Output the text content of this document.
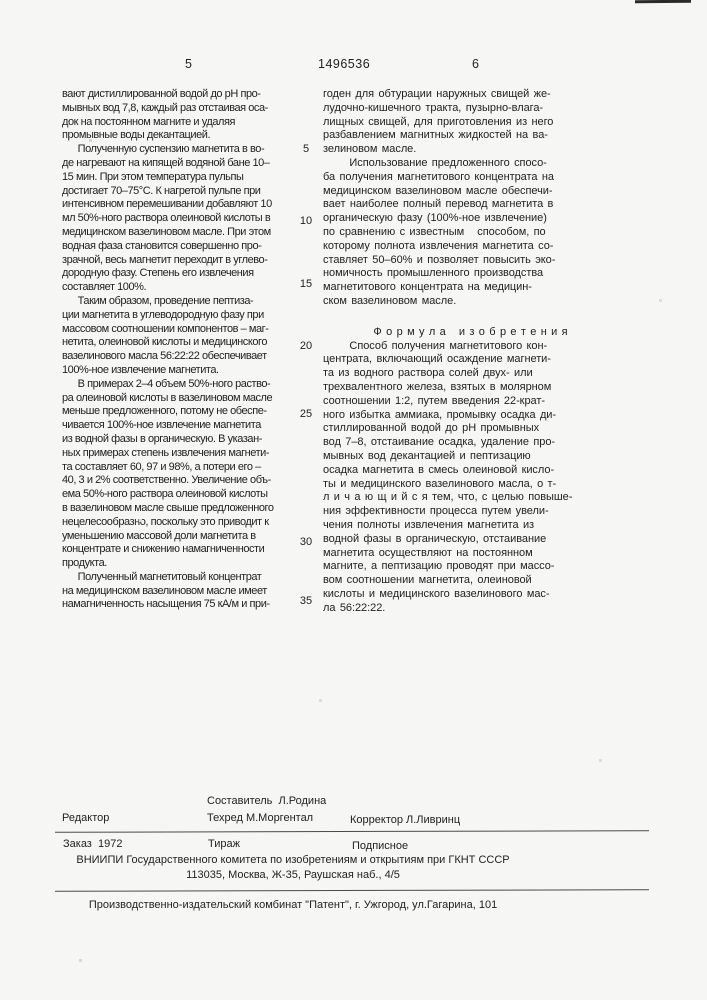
5	1496536	6
5
10
15
20
25
30
35
вают дистиллированной водой до рН про-
мывных вод 7,8, каждый раз отстаивая оса-
док на постоянном магните и удаляя
промывные воды декантацией.
Полученную суспензию магнетита в во-
де нагревают на кипящей водяной бане 10–
15 мин. При этом температура пульпы
достигает 70–75°С. К нагретой пульпе при
интенсивном перемешивании добавляют 10
мл 50%-ного раствора олеиновой кислоты в
медицинском вазелиновом масле. При этом
водная фаза становится совершенно про-
зрачной, весь магнетит переходит в углево-
дородную фазу. Степень его извлечения
составляет 100%.
Таким образом, проведение пептиза-
ции магнетита в углеводородную фазу при
массовом соотношении компонентов – маг-
нетита, олеиновой кислоты и медицинского
вазелинового масла 56:22:22 обеспечивает
100%-ное извлечение магнетита.
В примерах 2–4 объем 50%-ного раство-
ра олеиновой кислоты в вазелиновом масле
меньше предложенного, потому не обеспе-
чивается 100%-ное извлечение магнетита
из водной фазы в органическую. В указан-
ных примерах степень извлечения магнети-
та составляет 60, 97 и 98%, а потери его –
40, 3 и 2% соответственно. Увеличение объ-
ема 50%-ного раствора олеиновой кислоты
в вазелиновом масле свыше предложенного
нецелесообразно, поскольку это приводит к
уменьшению массовой доли магнетита в
концентрате и снижению намагниченности
продукта.
Полученный магнетитовый концентрат
на медицинском вазелиновом масле имеет
намагниченность насыщения 75 кА/м и при-
годен для обтурации наружных свищей же-
лудочно-кишечного тракта, пузырно-влага-
лищных свищей, для приготовления из него
разбавлением магнитных жидкостей на ва-
зелиновом масле.
Использование предложенного спосо-
ба получения магнетитового концентрата на
медицинском вазелиновом масле обеспечи-
вает наиболее полный перевод магнетита в
органическую фазу (100%-ное извлечение)
по сравнению с известным   способом, по
которому полнота извлечения магнетита со-
ставляет 50–60% и позволяет повысить эко-
номичность промышленного производства
магнетитового концентрата на медицин-
ском вазелиновом масле.
Ф о р м у л а   и з о б р е т е н и я
Способ получения магнетитового кон-
центрата, включающий осаждение магнети-
та из водного раствора солей двух- или
трехвалентного железа, взятых в молярном
соотношении 1:2, путем введения 22-крат-
ного избытка аммиака, промывку осадка ди-
стиллированной водой до рН промывных
вод 7–8, отстаивание осадка, удаление про-
мывных вод декантацией и пептизацию
осадка магнетита в смесь олеиновой кисло-
ты и медицинского вазелинового масла, о т-
л и ч а ю щ и й с я тем, что, с целью повыше-
ния эффективности процесса путем увели-
чения полноты извлечения магнетита из
водной фазы в органическую, отстаивание
магнетита осуществляют на постоянном
магните, а пептизацию проводят при массо-
вом соотношении магнетита, олеиновой
кислоты и медицинского вазелинового мас-
ла 56:22:22.
Составитель  Л.Родина
Редактор	Техред М.Моргентал	Корректор Л.Ливринц
Заказ  1972	Тираж	Подписное
ВНИИПИ Государственного комитета по изобретениям и открытиям при ГКНТ СССР
113035, Москва, Ж-35, Раушская наб., 4/5
Производственно-издательский комбинат "Патент", г. Ужгород, ул.Гагарина, 101
